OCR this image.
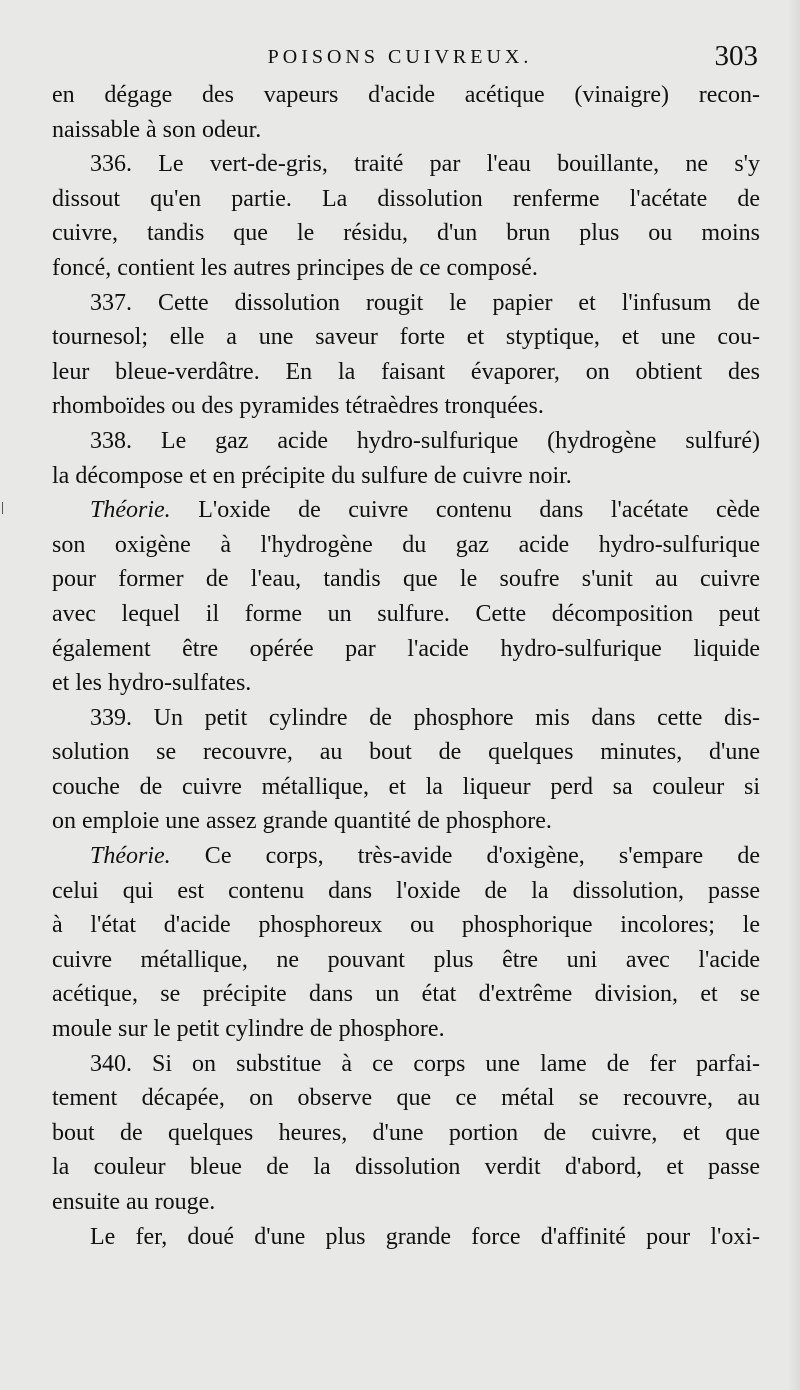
POISONS CUIVREUX.	303
en dégage des vapeurs d'acide acétique (vinaigre) recon-
naissable à son odeur.
336. Le vert-de-gris, traité par l'eau bouillante, ne s'y
dissout qu'en partie. La dissolution renferme l'acétate de
cuivre, tandis que le résidu, d'un brun plus ou moins
foncé, contient les autres principes de ce composé.
337. Cette dissolution rougit le papier et l'infusum de
tournesol; elle a une saveur forte et styptique, et une cou-
leur bleue-verdâtre. En la faisant évaporer, on obtient des
rhomboïdes ou des pyramides tétraèdres tronquées.
338. Le gaz acide hydro-sulfurique (hydrogène sulfuré)
la décompose et en précipite du sulfure de cuivre noir.
Théorie. L'oxide de cuivre contenu dans l'acétate cède
son oxigène à l'hydrogène du gaz acide hydro-sulfurique
pour former de l'eau, tandis que le soufre s'unit au cuivre
avec lequel il forme un sulfure. Cette décomposition peut
également être opérée par l'acide hydro-sulfurique liquide
et les hydro-sulfates.
339. Un petit cylindre de phosphore mis dans cette dis-
solution se recouvre, au bout de quelques minutes, d'une
couche de cuivre métallique, et la liqueur perd sa couleur si
on emploie une assez grande quantité de phosphore.
Théorie. Ce corps, très-avide d'oxigène, s'empare de
celui qui est contenu dans l'oxide de la dissolution, passe
à l'état d'acide phosphoreux ou phosphorique incolores; le
cuivre métallique, ne pouvant plus être uni avec l'acide
acétique, se précipite dans un état d'extrême division, et se
moule sur le petit cylindre de phosphore.
340. Si on substitue à ce corps une lame de fer parfai-
tement décapée, on observe que ce métal se recouvre, au
bout de quelques heures, d'une portion de cuivre, et que
la couleur bleue de la dissolution verdit d'abord, et passe
ensuite au rouge.
Le fer, doué d'une plus grande force d'affinité pour l'oxi-
